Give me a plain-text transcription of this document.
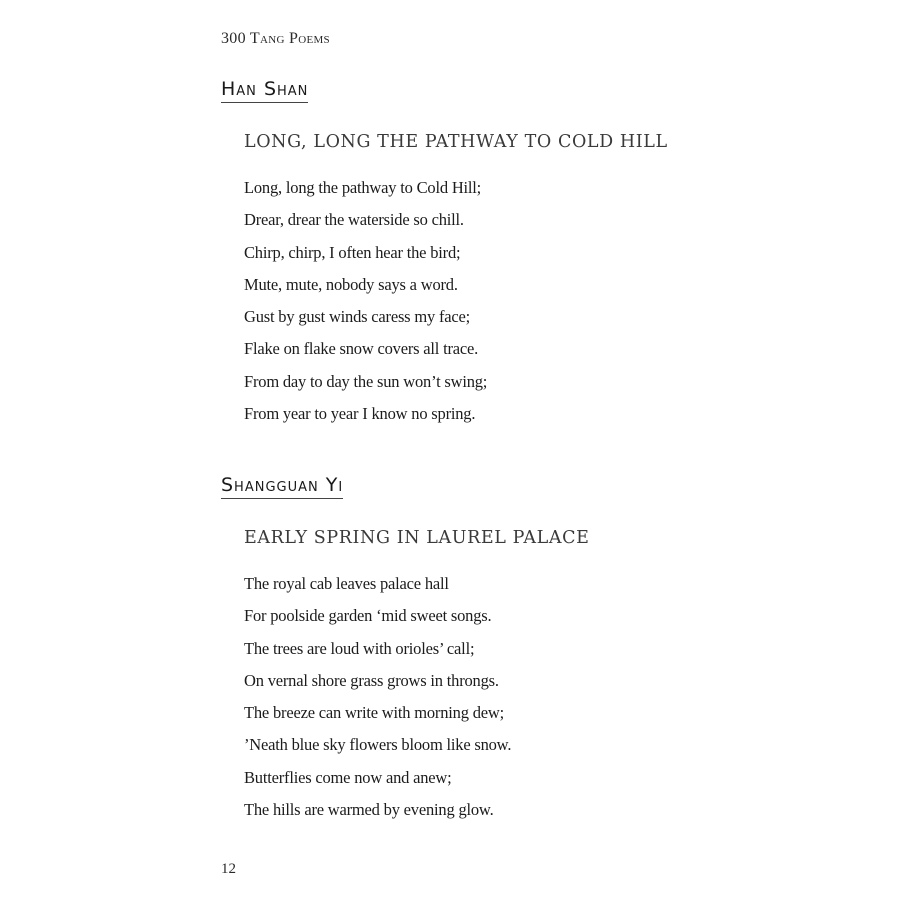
300 Tang Poems
Han Shan
LONG, LONG THE PATHWAY TO COLD HILL
Long, long the pathway to Cold Hill;
Drear, drear the waterside so chill.
Chirp, chirp, I often hear the bird;
Mute, mute, nobody says a word.
Gust by gust winds caress my face;
Flake on flake snow covers all trace.
From day to day the sun won’t swing;
From year to year I know no spring.
Shangguan Yi
EARLY SPRING IN LAUREL PALACE
The royal cab leaves palace hall
For poolside garden ‘mid sweet songs.
The trees are loud with orioles’ call;
On vernal shore grass grows in throngs.
The breeze can write with morning dew;
’Neath blue sky flowers bloom like snow.
Butterflies come now and anew;
The hills are warmed by evening glow.
12
